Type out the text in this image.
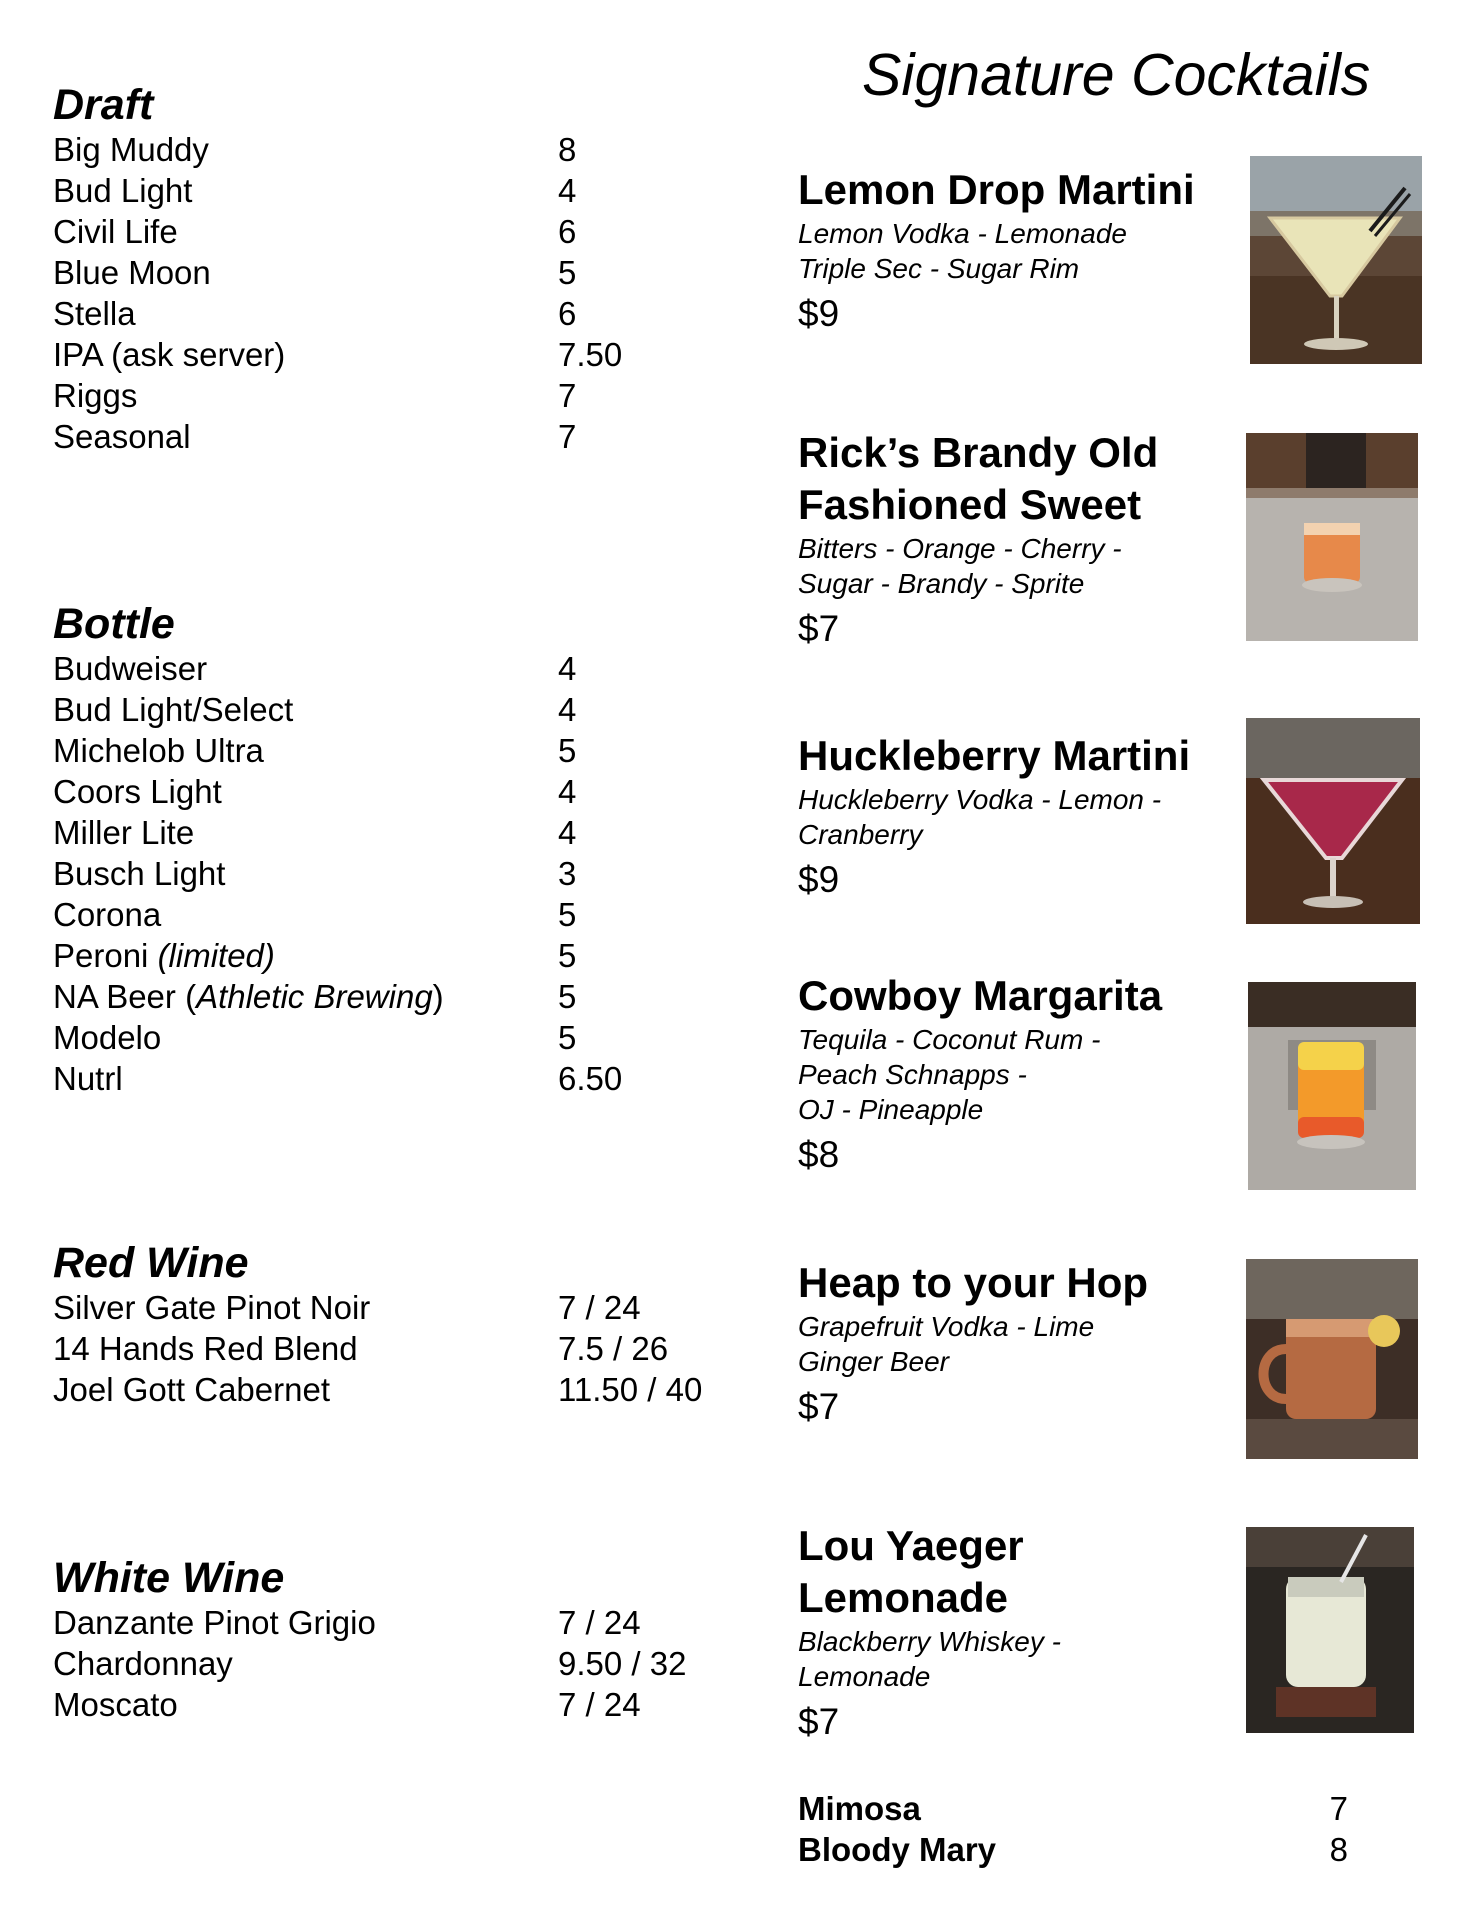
Draft
Big Muddy	8
Bud Light	4
Civil Life	6
Blue Moon	5
Stella	6
IPA (ask server)	7.50
Riggs	7
Seasonal	7
Bottle
Budweiser	4
Bud Light/Select	4
Michelob Ultra	5
Coors Light	4
Miller Lite	4
Busch Light	3
Corona	5
Peroni (limited)	5
NA Beer (Athletic Brewing)	5
Modelo	5
Nutrl	6.50
Red Wine
Silver Gate Pinot Noir	7 / 24
14 Hands Red Blend	7.5 / 26
Joel Gott Cabernet	11.50 / 40
White Wine
Danzante Pinot Grigio	7 / 24
Chardonnay	9.50 / 32
Moscato	7 / 24
Signature Cocktails
Lemon Drop Martini
Lemon Vodka - Lemonade
Triple Sec - Sugar Rim
$9
Rick’s Brandy Old
Fashioned Sweet
Bitters - Orange - Cherry -
Sugar - Brandy - Sprite
$7
Huckleberry Martini
Huckleberry Vodka - Lemon -
Cranberry
$9
Cowboy Margarita
Tequila - Coconut Rum -
Peach Schnapps -
OJ - Pineapple
$8
Heap to your Hop
Grapefruit Vodka - Lime
Ginger Beer
$7
Lou Yaeger
Lemonade
Blackberry Whiskey -
Lemonade
$7
Mimosa	7
Bloody Mary	8
